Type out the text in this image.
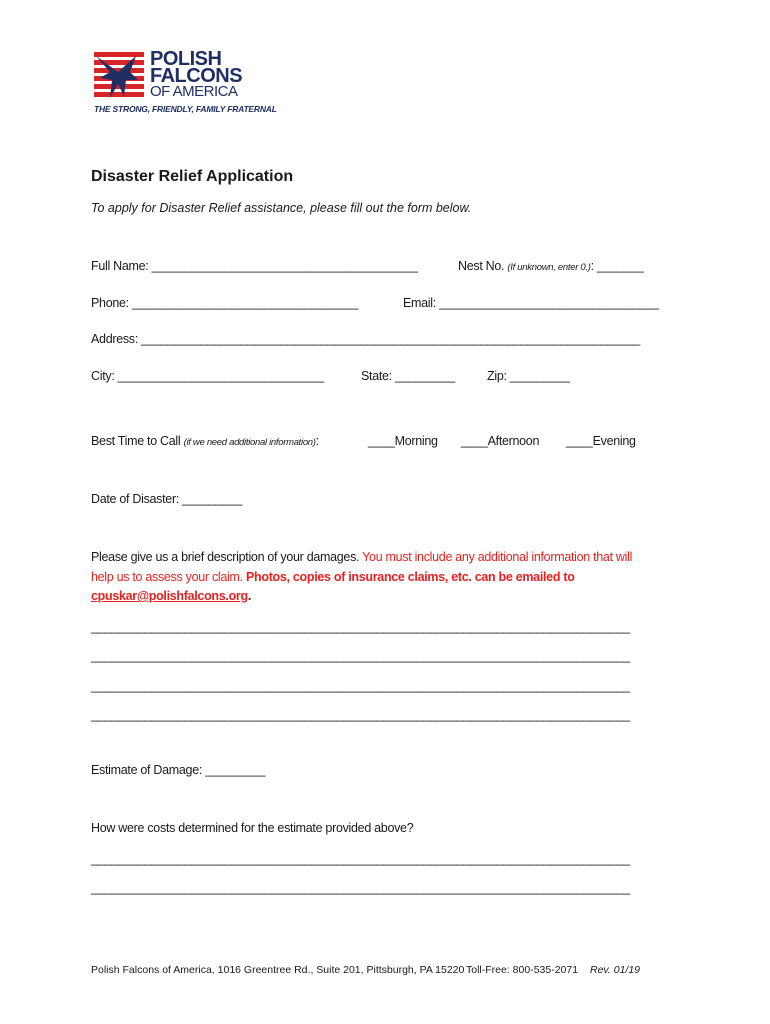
POLISH
FALCONS
OF AMERICA
THE STRONG, FRIENDLY, FAMILY FRATERNAL
Disaster Relief Application
To apply for Disaster Relief assistance, please fill out the form below.
Full Name: ________________________________________	Nest No. (If unknown, enter 0.): _______
Phone: __________________________________	Email: _________________________________
Address: ___________________________________________________________________________
City: _______________________________	State: _________	Zip: _________
Best Time to Call (if we need additional information):	____Morning ____Afternoon ____Evening
Date of Disaster: _________
Please give us a brief description of your damages. You must include any additional information that will
help us to assess your claim. Photos, copies of insurance claims, etc. can be emailed to
cpuskar@polishfalcons.org.
_________________________________________________________________________________
_________________________________________________________________________________
_________________________________________________________________________________
_________________________________________________________________________________
Estimate of Damage: _________
How were costs determined for the estimate provided above?
_________________________________________________________________________________
_________________________________________________________________________________
Polish Falcons of America, 1016 Greentree Rd., Suite 201, Pittsburgh, PA 15220 Toll-Free: 800-535-2071 Rev. 01/19
